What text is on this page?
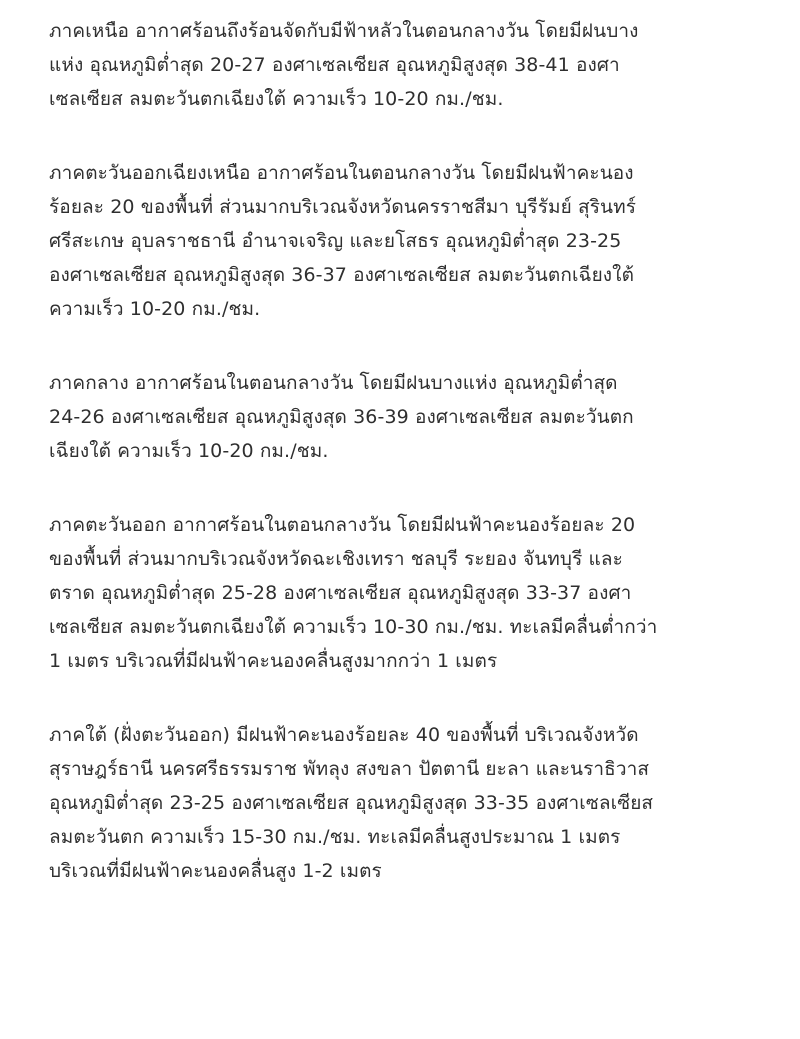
ภาคเหนือ อากาศร้อนถึงร้อนจัดกับมีฟ้าหลัวในตอนกลางวัน โดยมีฝนบาง
แห่ง อุณหภูมิต่ำสุด 20-27 องศาเซลเซียส อุณหภูมิสูงสุด 38-41 องศา
เซลเซียส ลมตะวันตกเฉียงใต้ ความเร็ว 10-20 กม./ชม.

ภาคตะวันออกเฉียงเหนือ อากาศร้อนในตอนกลางวัน โดยมีฝนฟ้าคะนอง
ร้อยละ 20 ของพื้นที่ ส่วนมากบริเวณจังหวัดนครราชสีมา บุรีรัมย์ สุรินทร์
ศรีสะเกษ อุบลราชธานี อำนาจเจริญ และยโสธร อุณหภูมิต่ำสุด 23-25
องศาเซลเซียส อุณหภูมิสูงสุด 36-37 องศาเซลเซียส ลมตะวันตกเฉียงใต้
ความเร็ว 10-20 กม./ชม.

ภาคกลาง อากาศร้อนในตอนกลางวัน โดยมีฝนบางแห่ง อุณหภูมิต่ำสุด
24-26 องศาเซลเซียส อุณหภูมิสูงสุด 36-39 องศาเซลเซียส ลมตะวันตก
เฉียงใต้ ความเร็ว 10-20 กม./ชม.

ภาคตะวันออก อากาศร้อนในตอนกลางวัน โดยมีฝนฟ้าคะนองร้อยละ 20
ของพื้นที่ ส่วนมากบริเวณจังหวัดฉะเชิงเทรา ชลบุรี ระยอง จันทบุรี และ
ตราด อุณหภูมิต่ำสุด 25-28 องศาเซลเซียส อุณหภูมิสูงสุด 33-37 องศา
เซลเซียส ลมตะวันตกเฉียงใต้ ความเร็ว 10-30 กม./ชม. ทะเลมีคลื่นต่ำกว่า
1 เมตร บริเวณที่มีฝนฟ้าคะนองคลื่นสูงมากกว่า 1 เมตร

ภาคใต้ (ฝั่งตะวันออก) มีฝนฟ้าคะนองร้อยละ 40 ของพื้นที่ บริเวณจังหวัด
สุราษฎร์ธานี นครศรีธรรมราช พัทลุง สงขลา ปัตตานี ยะลา และนราธิวาส
อุณหภูมิต่ำสุด 23-25 องศาเซลเซียส อุณหภูมิสูงสุด 33-35 องศาเซลเซียส
ลมตะวันตก ความเร็ว 15-30 กม./ชม. ทะเลมีคลื่นสูงประมาณ 1 เมตร
บริเวณที่มีฝนฟ้าคะนองคลื่นสูง 1-2 เมตร
